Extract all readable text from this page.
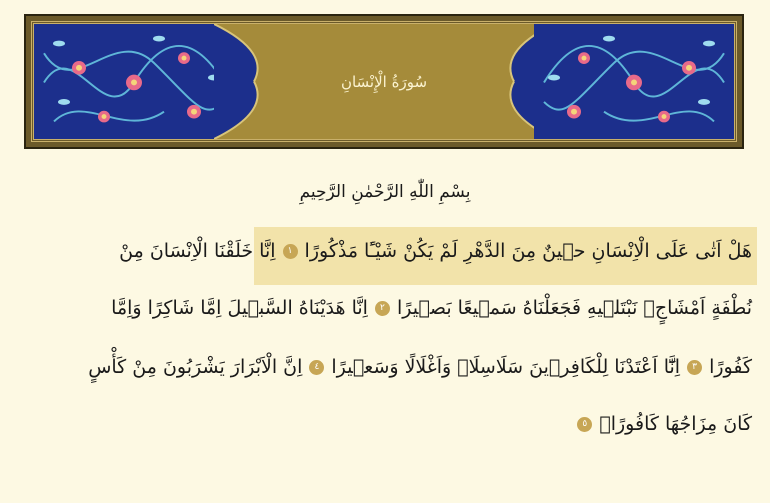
سُورَةُ الْإِنْسَانِ
بِسْمِ اللّٰهِ الرَّحْمٰنِ الرَّحِيمِ
هَلْ اَتٰى عَلَى الْاِنْسَانِ ح۪ينٌ مِنَ الدَّهْرِ لَمْ يَكُنْ شَيْـًٔا مَذْكُورًا١اِنَّا خَلَقْنَا الْاِنْسَانَ مِنْ
نُطْفَةٍ اَمْشَاجٍۗ نَبْتَل۪يهِ فَجَعَلْنَاهُ سَم۪يعًا بَص۪يرًا٢اِنَّا هَدَيْنَاهُ السَّب۪يلَ اِمَّا شَاكِرًا وَاِمَّا
كَفُورًا٣اِنَّٓا اَعْتَدْنَا لِلْكَافِر۪ينَ سَلَاسِلَا۬ وَاَغْلَالًا وَسَع۪يرًا٤اِنَّ الْاَبْرَارَ يَشْرَبُونَ مِنْ كَأْسٍ
كَانَ مِزَاجُهَا كَافُورًاۚ٥
